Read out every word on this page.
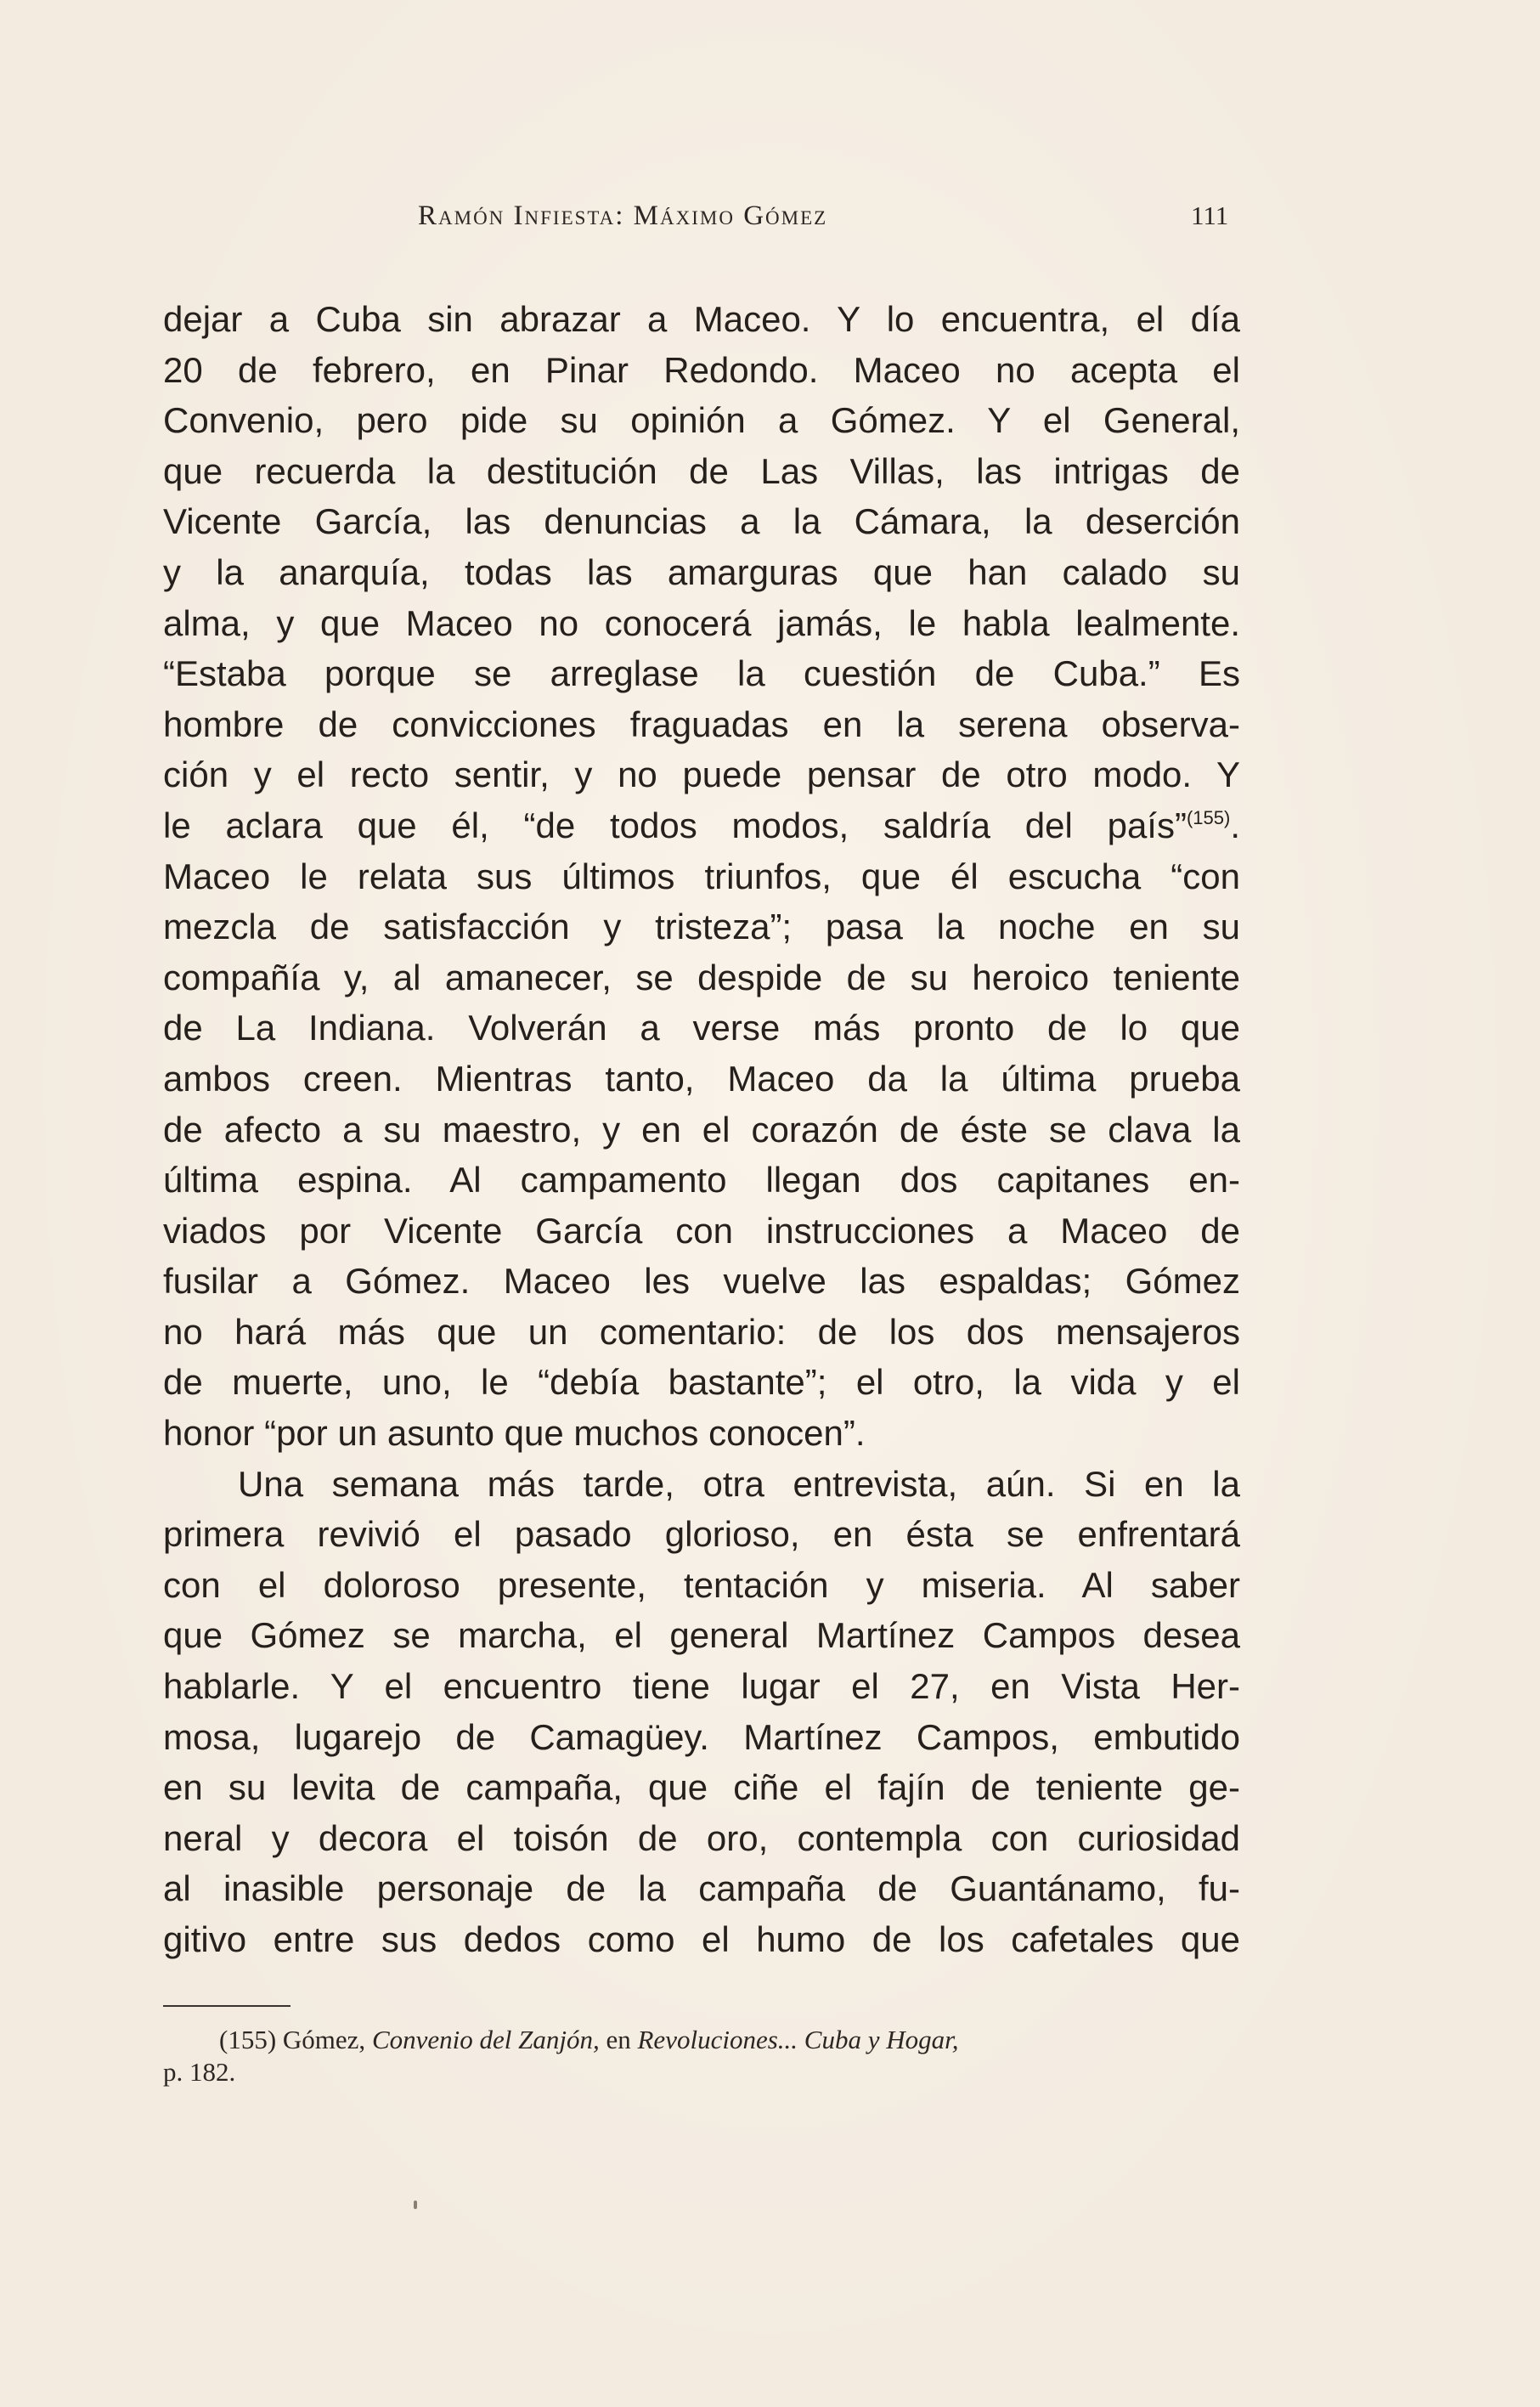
Ramón Infiesta: Máximo Gómez	111
dejar a Cuba sin abrazar a Maceo. Y lo encuentra, el día
20 de febrero, en Pinar Redondo. Maceo no acepta el
Convenio, pero pide su opinión a Gómez. Y el General,
que recuerda la destitución de Las Villas, las intrigas de
Vicente García, las denuncias a la Cámara, la deserción
y la anarquía, todas las amarguras que han calado su
alma, y que Maceo no conocerá jamás, le habla lealmente.
“Estaba porque se arreglase la cuestión de Cuba.” Es
hombre de convicciones fraguadas en la serena observa-
ción y el recto sentir, y no puede pensar de otro modo. Y
le aclara que él, “de todos modos, saldría del país”$^{(155)}$.
Maceo le relata sus últimos triunfos, que él escucha “con
mezcla de satisfacción y tristeza”; pasa la noche en su
compañía y, al amanecer, se despide de su heroico teniente
de La Indiana. Volverán a verse más pronto de lo que
ambos creen. Mientras tanto, Maceo da la última prueba
de afecto a su maestro, y en el corazón de éste se clava la
última espina. Al campamento llegan dos capitanes en-
viados por Vicente García con instrucciones a Maceo de
fusilar a Gómez. Maceo les vuelve las espaldas; Gómez
no hará más que un comentario: de los dos mensajeros
de muerte, uno, le “debía bastante”; el otro, la vida y el
honor “por un asunto que muchos conocen”.
Una semana más tarde, otra entrevista, aún. Si en la
primera revivió el pasado glorioso, en ésta se enfrentará
con el doloroso presente, tentación y miseria. Al saber
que Gómez se marcha, el general Martínez Campos desea
hablarle. Y el encuentro tiene lugar el 27, en Vista Her-
mosa, lugarejo de Camagüey. Martínez Campos, embutido
en su levita de campaña, que ciñe el fajín de teniente ge-
neral y decora el toisón de oro, contempla con curiosidad
al inasible personaje de la campaña de Guantánamo, fu-
gitivo entre sus dedos como el humo de los cafetales que
(155) Gómez, Convenio del Zanjón, en Revoluciones... Cuba y Hogar,
p. 182.
